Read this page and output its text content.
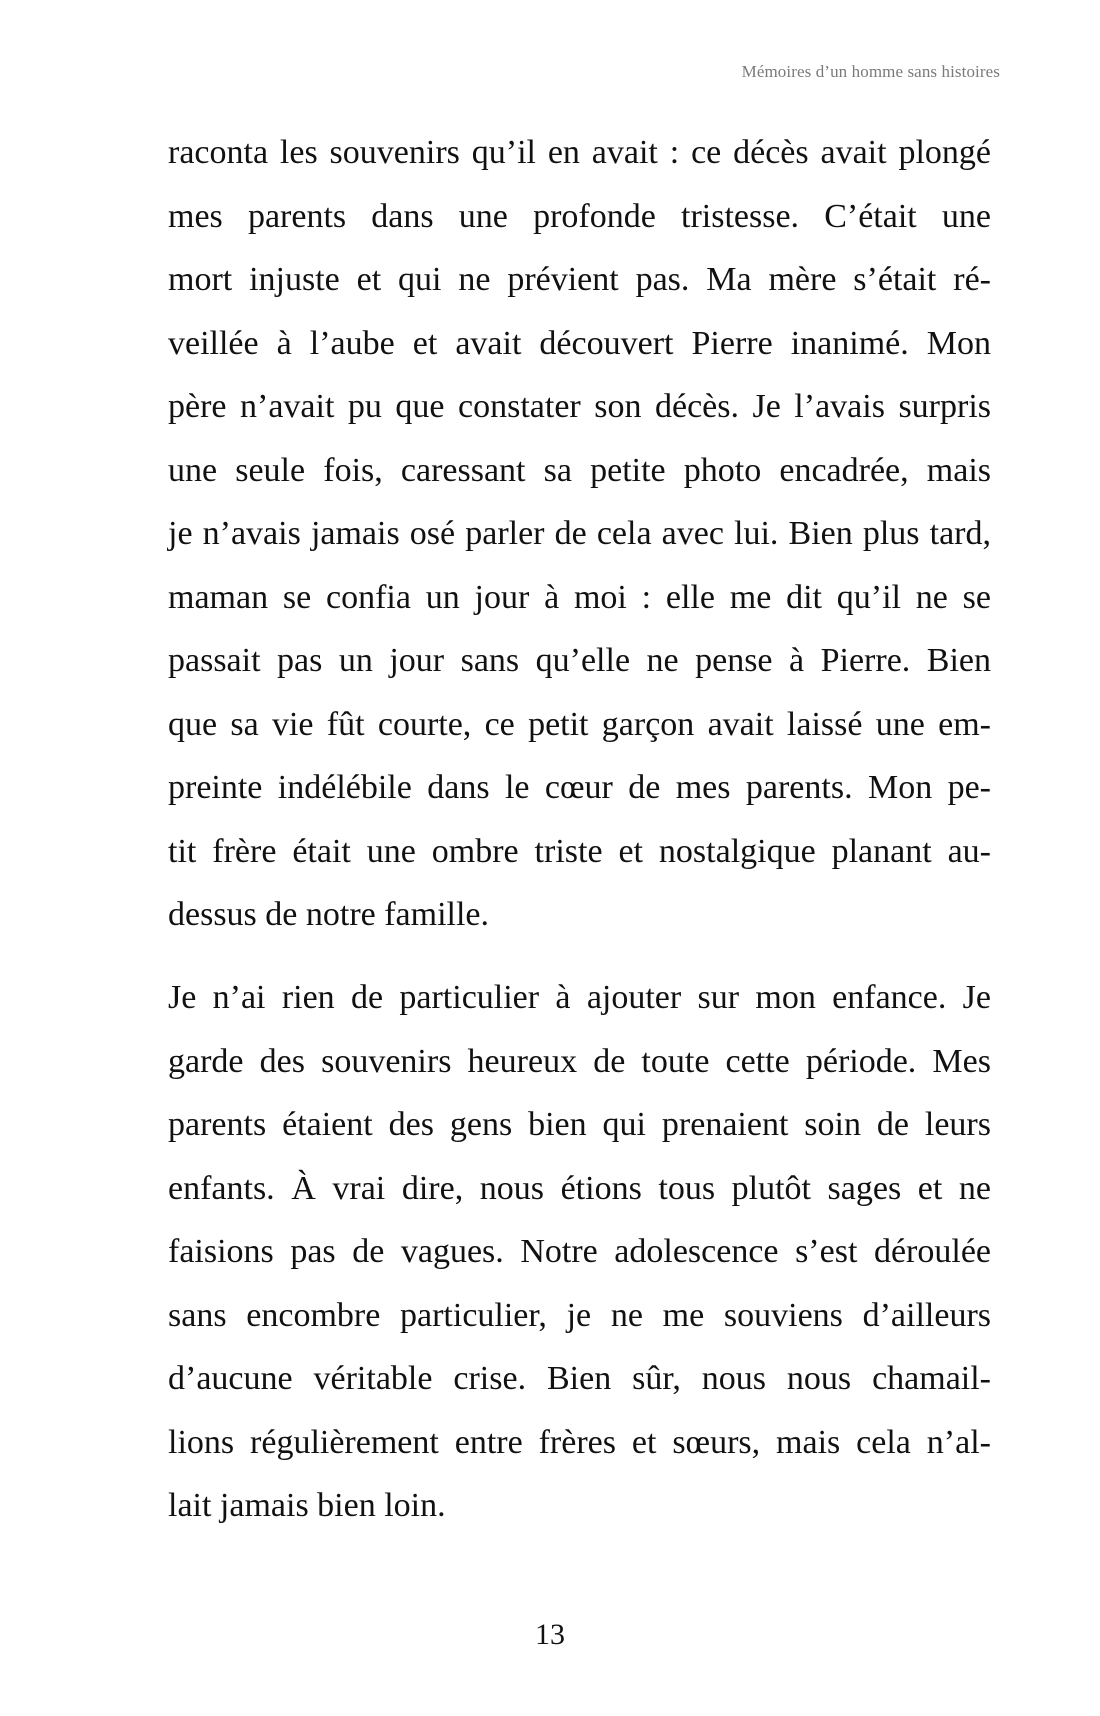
Mémoires d’un homme sans histoires
raconta les souvenirs qu’il en avait : ce décès avait plongé
mes parents dans une profonde tristesse. C’était une
mort injuste et qui ne prévient pas. Ma mère s’était ré-
veillée à l’aube et avait découvert Pierre inanimé. Mon
père n’avait pu que constater son décès. Je l’avais surpris
une seule fois, caressant sa petite photo encadrée, mais
je n’avais jamais osé parler de cela avec lui. Bien plus tard,
maman se confia un jour à moi : elle me dit qu’il ne se
passait pas un jour sans qu’elle ne pense à Pierre. Bien
que sa vie fût courte, ce petit garçon avait laissé une em-
preinte indélébile dans le cœur de mes parents. Mon pe-
tit frère était une ombre triste et nostalgique planant au-
dessus de notre famille.
Je n’ai rien de particulier à ajouter sur mon enfance. Je
garde des souvenirs heureux de toute cette période. Mes
parents étaient des gens bien qui prenaient soin de leurs
enfants. À vrai dire, nous étions tous plutôt sages et ne
faisions pas de vagues. Notre adolescence s’est déroulée
sans encombre particulier, je ne me souviens d’ailleurs
d’aucune véritable crise. Bien sûr, nous nous chamail-
lions régulièrement entre frères et sœurs, mais cela n’al-
lait jamais bien loin.
13
